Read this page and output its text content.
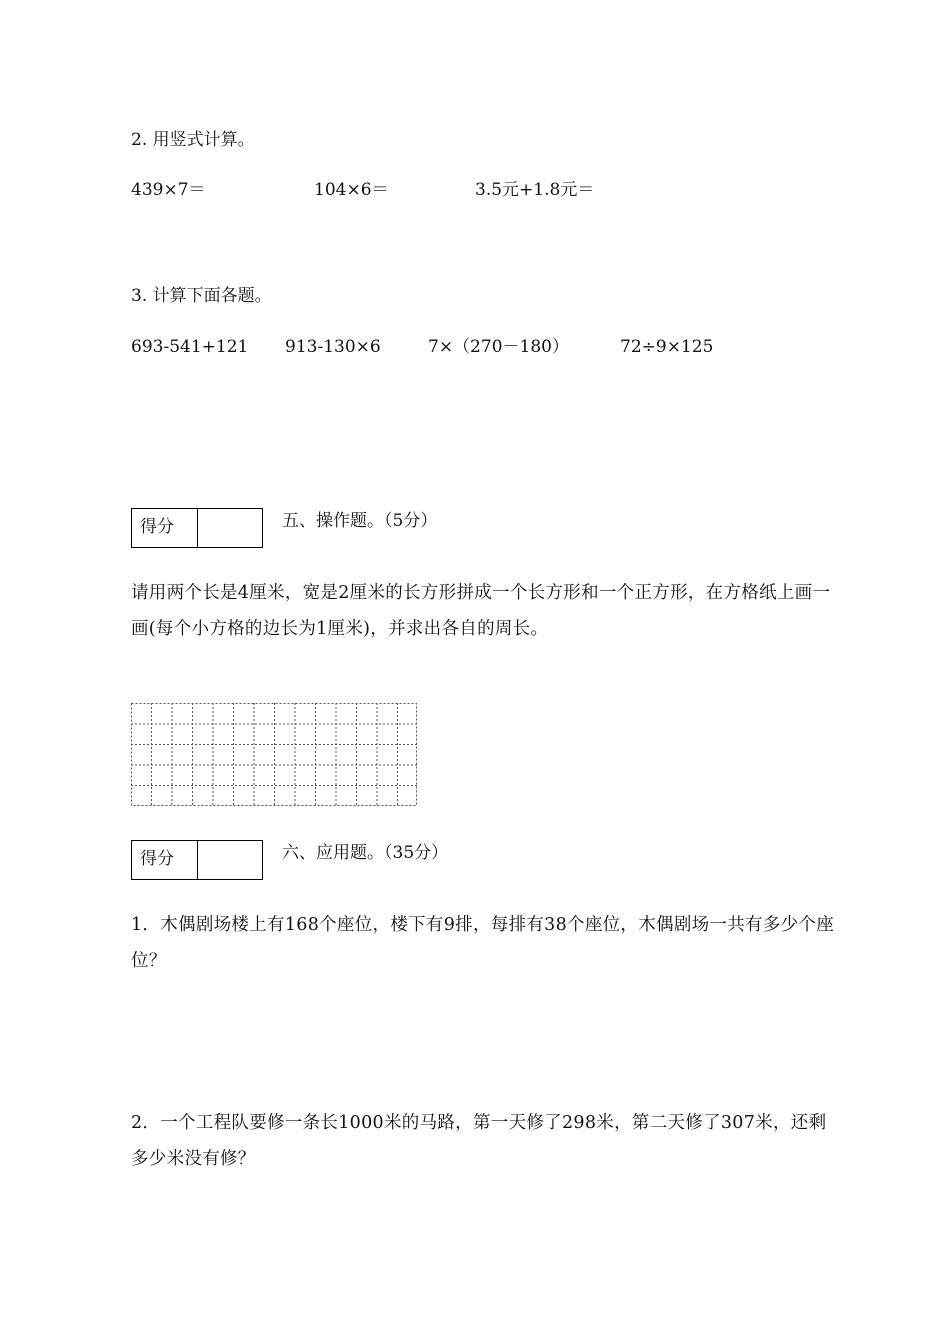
2. 用竖式计算。
439×7＝	104×6＝	3.5元+1.8元＝
3. 计算下面各题。
693-541+121 913-130×6	7×（270－180）	72÷9×125
得分	五、操作题。（5分）
请用两个长是4厘米，宽是2厘米的长方形拼成一个长方形和一个正方形，在方格纸上画一画(每个小方格的边长为1厘米)，并求出各自的周长。
得分	六、应用题。（35分）
1．木偶剧场楼上有168个座位，楼下有9排，每排有38个座位，木偶剧场一共有多少个座位？
2．一个工程队要修一条长1000米的马路，第一天修了298米，第二天修了307米，还剩多少米没有修？
